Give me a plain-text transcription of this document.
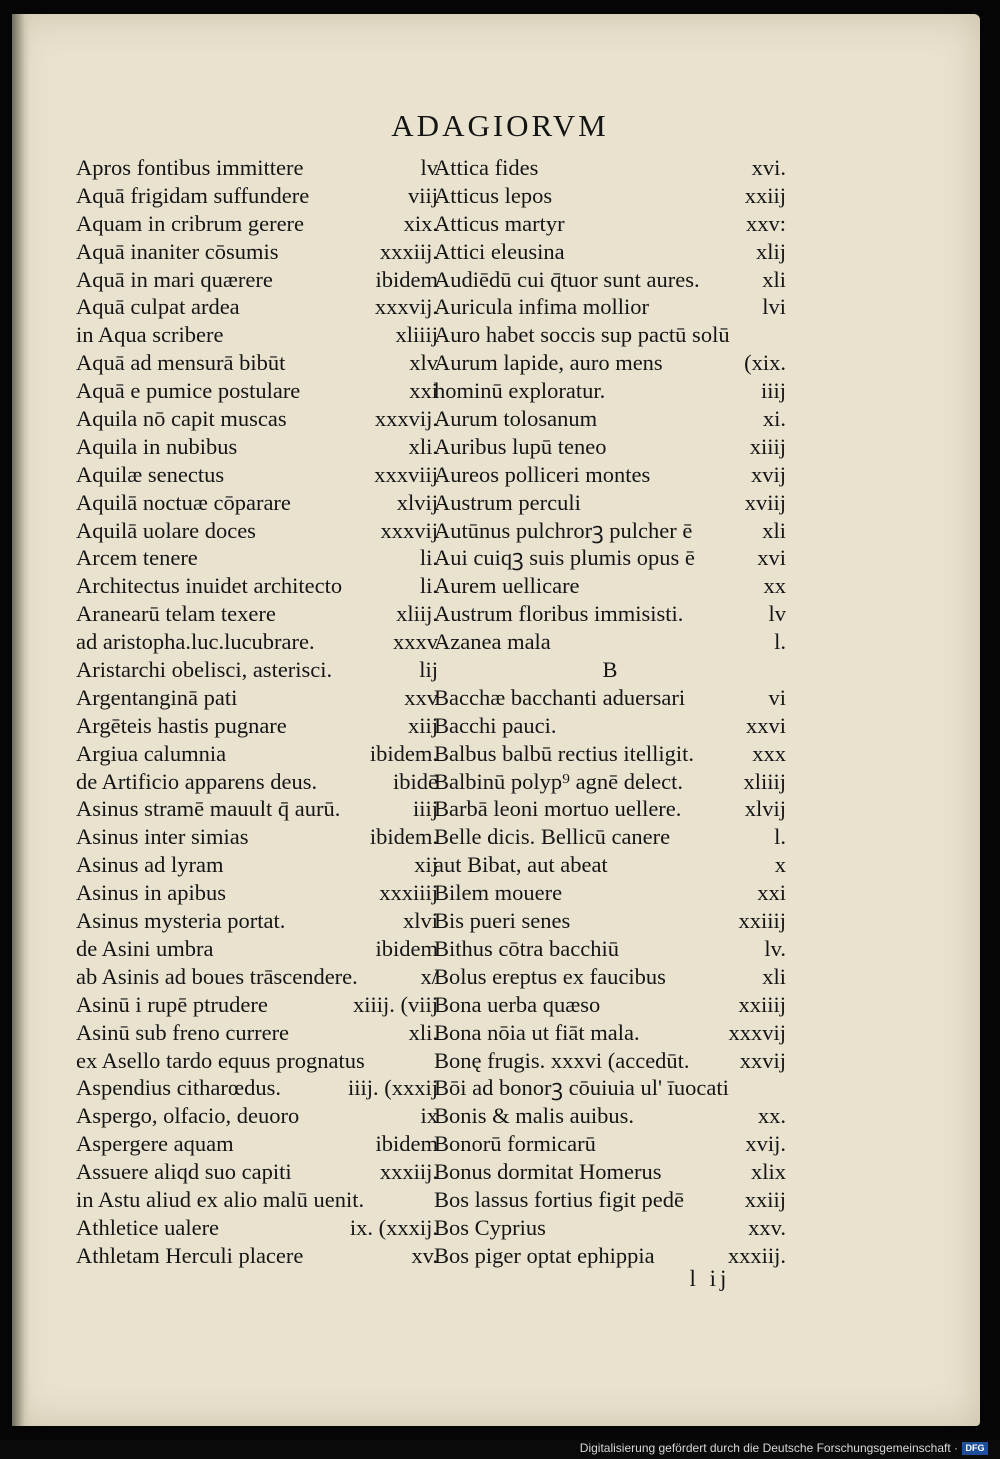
ADAGIORVM
Apros fontibus immittere	lv
Aquā frigidam suffundere	viij
Aquam in cribrum gerere	xix.
Aquā inaniter cōsumis	xxxiij.
Aquā in mari quærere	ibidem
Aquā culpat ardea	xxxvij.
in Aqua scribere	xliiij
Aquā ad mensurā bibūt	xlv
Aquā e pumice postulare	xxi
Aquila nō capit muscas	xxxvij.
Aquila in nubibus	xli.
Aquilæ senectus	xxxviij
Aquilā noctuæ cōparare	xlvij
Aquilā uolare doces	xxxvij
Arcem tenere	li.
Architectus inuidet architecto	li.
Aranearū telam texere	xliij.
ad aristopha.luc.lucubrare.	xxxv
Aristarchi obelisci, asterisci.	lij
Argentanginā pati	xxv
Argēteis hastis pugnare	xiij
Argiua calumnia	ibidem.
de Artificio apparens deus.	ibidē
Asinus stramē mauult q̄ aurū.	iiij
Asinus inter simias	ibidem.
Asinus ad lyram	xij
Asinus in apibus	xxxiiij
Asinus mysteria portat.	xlvi
de Asini umbra	ibidem
ab Asinis ad boues trāscendere.	x/
Asinū i rupē ptrudere	xiiij. (viij
Asinū sub freno currere	xli.
ex Asello tardo equus prognatus
Aspendius citharœdus.	iiij. (xxxij
Aspergo, olfacio, deuoro	ix
Aspergere aquam	ibidem
Assuere aliqd suo capiti	xxxiij.
in Astu aliud ex alio malū uenit.
Athletice ualere	ix. (xxxij.
Athletam Herculi placere	xv.
Attica fides	xvi.
Atticus lepos	xxiij
Atticus martyr	xxv:
Attici eleusina	xlij
Audiēdū cui q̄tuor sunt aures.	xli
Auricula infima mollior	lvi
Auro habet soccis sup pactū solū
Aurum lapide, auro mens	(xix.
hominū exploratur.	iiij
Aurum tolosanum	xi.
Auribus lupū teneo	xiiij
Aureos polliceri montes	xvij
Austrum perculi	xviij
Autūnus pulchrorꝫ pulcher ē	xli
Aui cuiqꝫ suis plumis opus ē	xvi
Aurem uellicare	xx
Austrum floribus immisisti.	lv
Azanea mala	l.
B
Bacchæ bacchanti aduersari	vi
Bacchi pauci.	xxvi
Balbus balbū rectius itelligit.	xxx
Balbinū polyp⁹ agnē delect.	xliiij
Barbā leoni mortuo uellere.	xlvij
Belle dicis. Bellicū canere	l.
aut Bibat, aut abeat	x
Bilem mouere	xxi
Bis pueri senes	xxiiij
Bithus cōtra bacchiū	lv.
Bolus ereptus ex faucibus	xli
Bona uerba quæso	xxiiij
Bona nōia ut fiāt mala.	xxxvij
Bonę frugis. xxxvi (accedūt. xxvij
Bōi ad bonorꝫ cōuiuia ul' īuocati
Bonis & malis auibus.	xx.
Bonorū formicarū	xvij.
Bonus dormitat Homerus	xlix
Bos lassus fortius figit pedē	xxiij
Bos Cyprius	xxv.
Bos piger optat ephippia	xxxiij.
l ij
Digitalisierung gefördert durch die Deutsche Forschungsgemeinschaft · DFG
